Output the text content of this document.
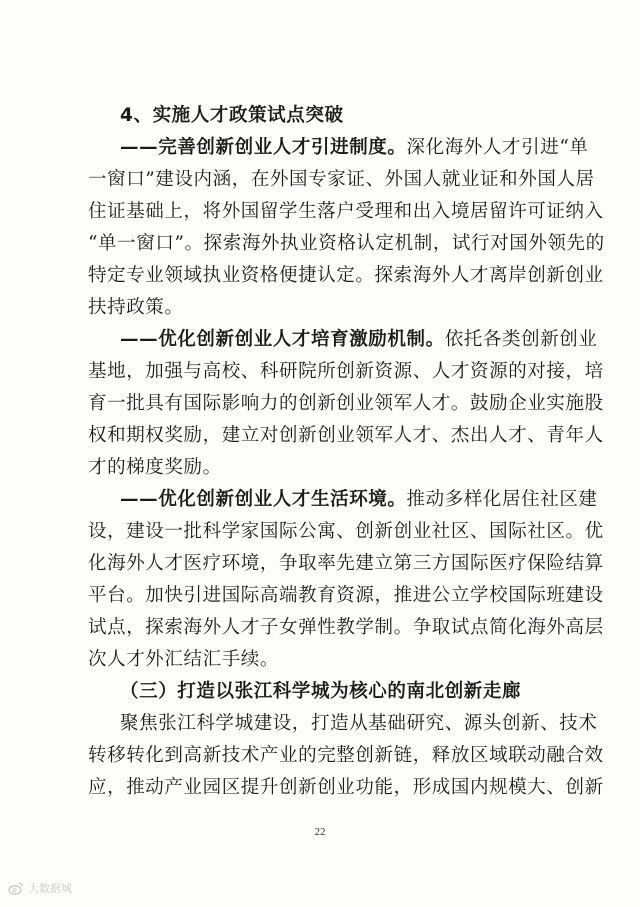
4、实施人才政策试点突破
——完善创新创业人才引进制度。深化海外人才引进“单
一窗口”建设内涵，在外国专家证、外国人就业证和外国人居
住证基础上，将外国留学生落户受理和出入境居留许可证纳入
“单一窗口”。探索海外执业资格认定机制，试行对国外领先的
特定专业领域执业资格便捷认定。探索海外人才离岸创新创业
扶持政策。
——优化创新创业人才培育激励机制。依托各类创新创业
基地，加强与高校、科研院所创新资源、人才资源的对接，培
育一批具有国际影响力的创新创业领军人才。鼓励企业实施股
权和期权奖励，建立对创新创业领军人才、杰出人才、青年人
才的梯度奖励。
——优化创新创业人才生活环境。推动多样化居住社区建
设，建设一批科学家国际公寓、创新创业社区、国际社区。优
化海外人才医疗环境，争取率先建立第三方国际医疗保险结算
平台。加快引进国际高端教育资源，推进公立学校国际班建设
试点，探索海外人才子女弹性教学制。争取试点简化海外高层
次人才外汇结汇手续。
（三）打造以张江科学城为核心的南北创新走廊
聚焦张江科学城建设，打造从基础研究、源头创新、技术
转移转化到高新技术产业的完整创新链，释放区域联动融合效
应，推动产业园区提升创新创业功能，形成国内规模大、创新
22
大数据城
